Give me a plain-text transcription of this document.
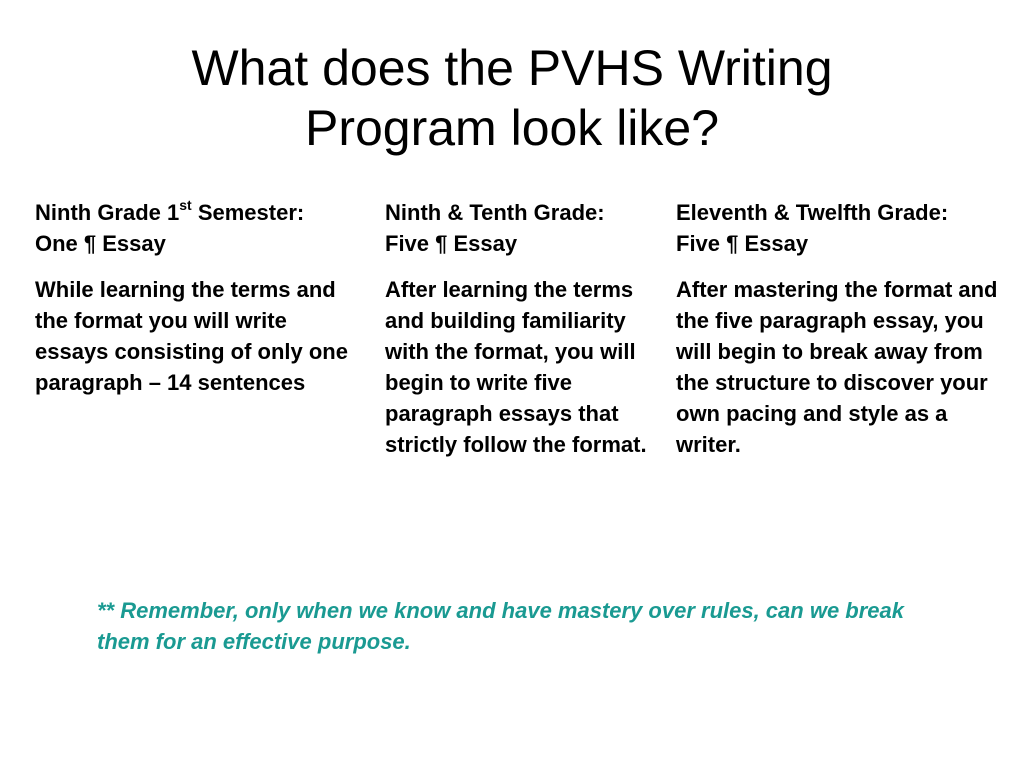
What does the PVHS Writing
Program look like?
Ninth Grade 1st Semester:
One ¶ Essay

While learning the terms and the format you will write essays consisting of only one paragraph – 14 sentences

Ninth & Tenth Grade:
Five ¶ Essay

After learning the terms and building familiarity with the format, you will begin to write five paragraph essays that strictly follow the format.

Eleventh & Twelfth Grade:
Five ¶ Essay

After mastering the format and the five paragraph essay, you will begin to break away from the structure to discover your own pacing and style as a writer.

** Remember, only when we know and have mastery over rules, can we break them for an effective purpose.
